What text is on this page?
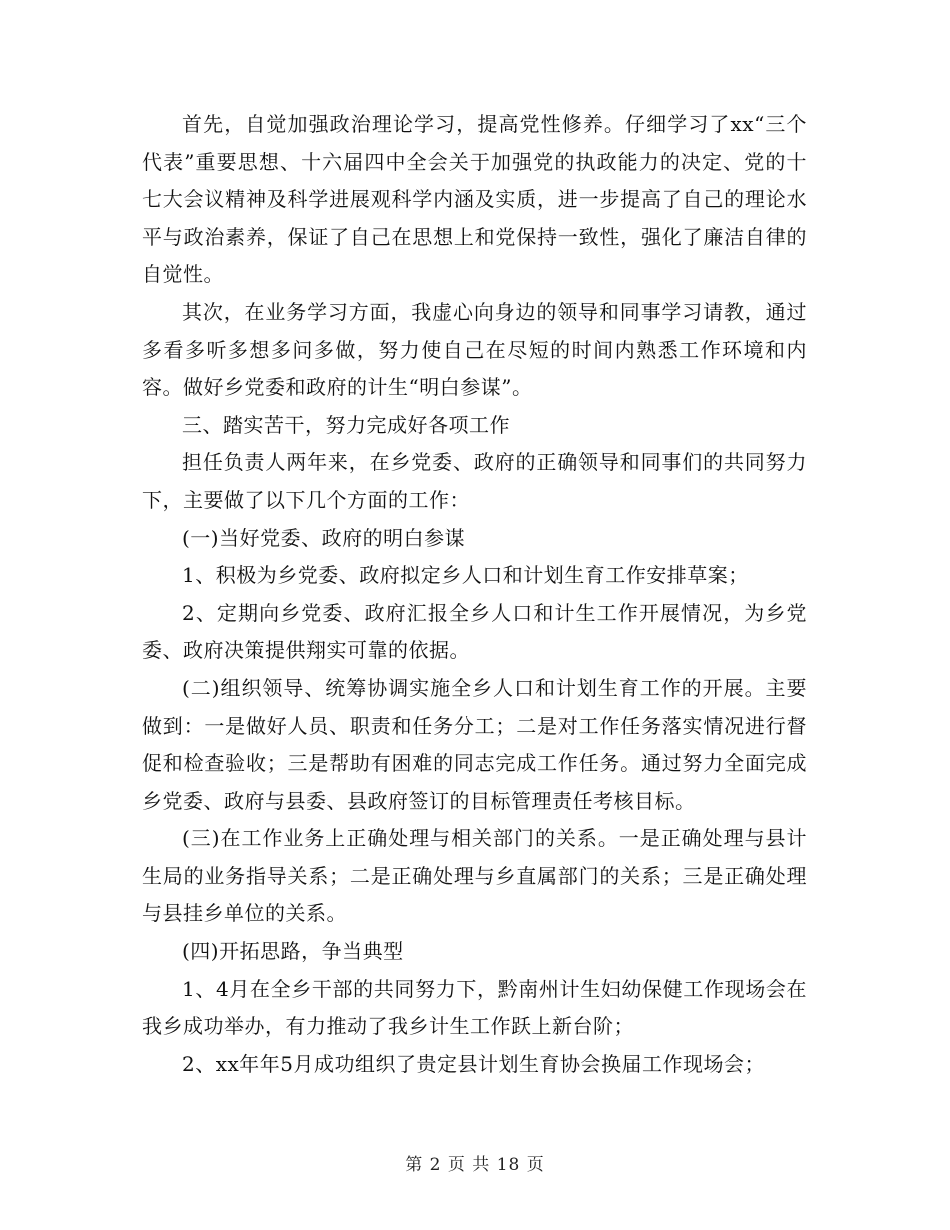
首先，自觉加强政治理论学习，提高党性修养。仔细学习了xx“三个代表”重要思想、十六届四中全会关于加强党的执政能力的决定、党的十七大会议精神及科学进展观科学内涵及实质，进一步提高了自己的理论水平与政治素养，保证了自己在思想上和党保持一致性，强化了廉洁自律的自觉性。

其次，在业务学习方面，我虚心向身边的领导和同事学习请教，通过多看多听多想多问多做，努力使自己在尽短的时间内熟悉工作环境和内容。做好乡党委和政府的计生“明白参谋”。

三、踏实苦干，努力完成好各项工作

担任负责人两年来，在乡党委、政府的正确领导和同事们的共同努力下，主要做了以下几个方面的工作：

(一)当好党委、政府的明白参谋

1、积极为乡党委、政府拟定乡人口和计划生育工作安排草案；

2、定期向乡党委、政府汇报全乡人口和计生工作开展情况，为乡党委、政府决策提供翔实可靠的依据。

(二)组织领导、统筹协调实施全乡人口和计划生育工作的开展。主要做到：一是做好人员、职责和任务分工；二是对工作任务落实情况进行督促和检查验收；三是帮助有困难的同志完成工作任务。通过努力全面完成乡党委、政府与县委、县政府签订的目标管理责任考核目标。

(三)在工作业务上正确处理与相关部门的关系。一是正确处理与县计生局的业务指导关系；二是正确处理与乡直属部门的关系；三是正确处理与县挂乡单位的关系。

(四)开拓思路，争当典型

1、4月在全乡干部的共同努力下，黔南州计生妇幼保健工作现场会在我乡成功举办，有力推动了我乡计生工作跃上新台阶；

2、xx年年5月成功组织了贵定县计划生育协会换届工作现场会；

第 2 页 共 18 页
